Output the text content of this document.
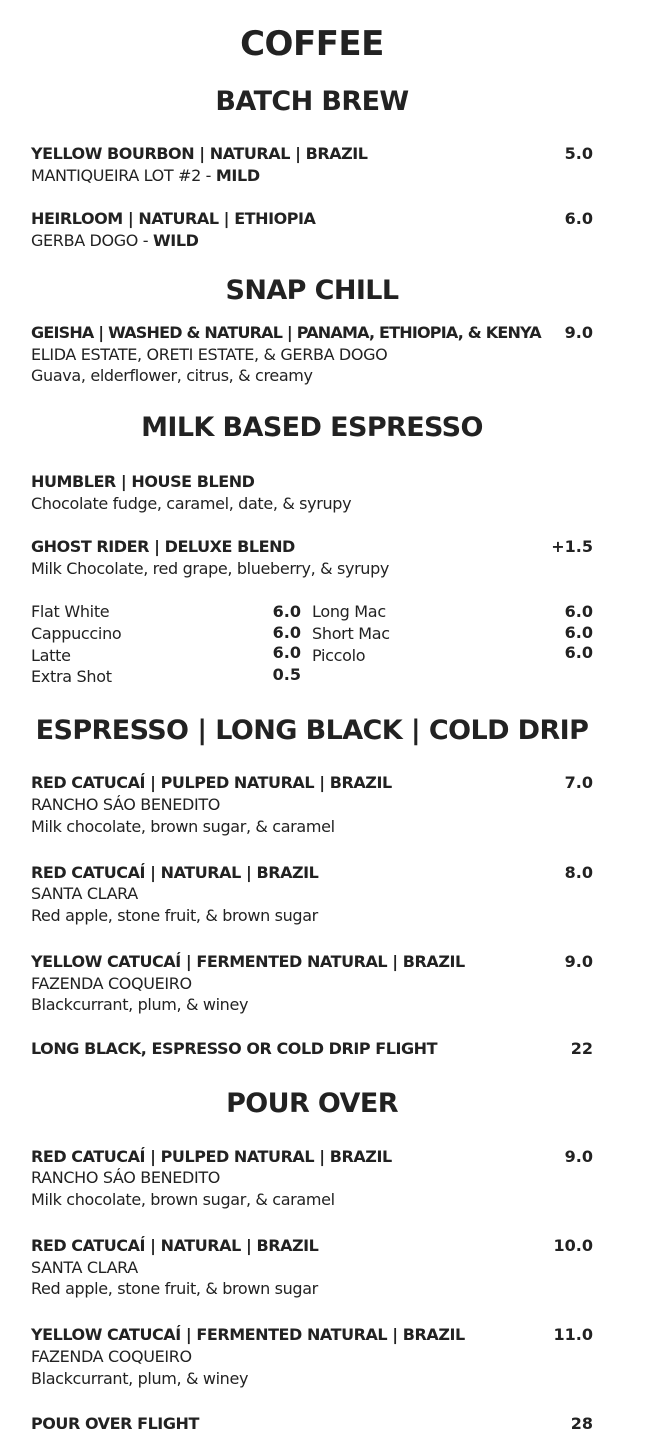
COFFEE
BATCH BREW
YELLOW BOURBON | NATURAL | BRAZIL	5.0
MANTIQUEIRA LOT #2 - MILD
HEIRLOOM | NATURAL | ETHIOPIA	6.0
GERBA DOGO - WILD
SNAP CHILL
GEISHA | WASHED & NATURAL | PANAMA, ETHIOPIA, & KENYA 9.0
ELIDA ESTATE, ORETI ESTATE, & GERBA DOGO
Guava, elderflower, citrus, & creamy
MILK BASED ESPRESSO
HUMBLER | HOUSE BLEND
Chocolate fudge, caramel, date, & syrupy
GHOST RIDER | DELUXE BLEND	+1.5
Milk Chocolate, red grape, blueberry, & syrupy
Flat White	6.0
Cappuccino	6.0
Latte	6.0
Extra Shot	0.5
Long Mac	6.0
Short Mac	6.0
Piccolo	6.0
ESPRESSO | LONG BLACK | COLD DRIP
RED CATUCAÍ | PULPED NATURAL | BRAZIL	7.0
RANCHO SÁO BENEDITO
Milk chocolate, brown sugar, & caramel
RED CATUCAÍ | NATURAL | BRAZIL	8.0
SANTA CLARA
Red apple, stone fruit, & brown sugar
YELLOW CATUCAÍ | FERMENTED NATURAL | BRAZIL	9.0
FAZENDA COQUEIRO
Blackcurrant, plum, & winey
LONG BLACK, ESPRESSO OR COLD DRIP FLIGHT	22
POUR OVER
RED CATUCAÍ | PULPED NATURAL | BRAZIL	9.0
RANCHO SÁO BENEDITO
Milk chocolate, brown sugar, & caramel
RED CATUCAÍ | NATURAL | BRAZIL	10.0
SANTA CLARA
Red apple, stone fruit, & brown sugar
YELLOW CATUCAÍ | FERMENTED NATURAL | BRAZIL	11.0
FAZENDA COQUEIRO
Blackcurrant, plum, & winey
POUR OVER FLIGHT	28
